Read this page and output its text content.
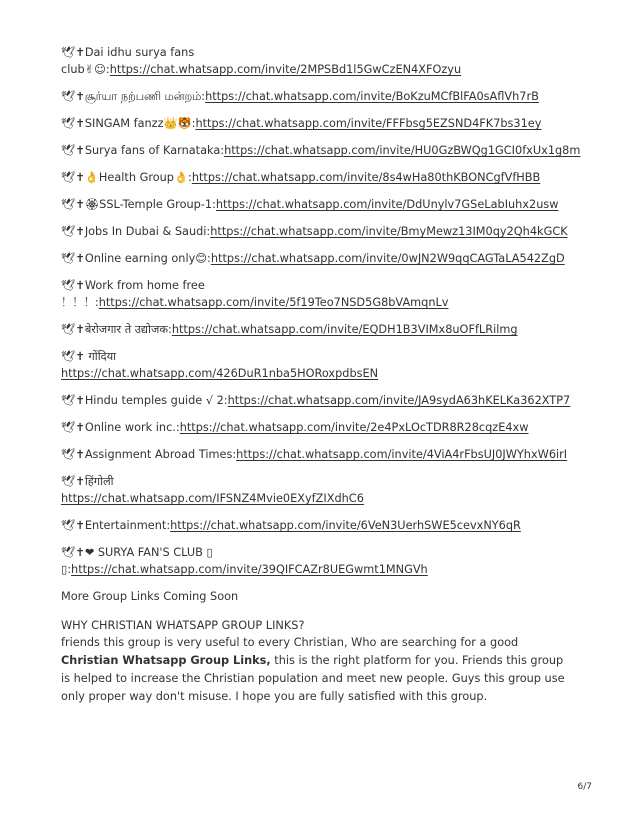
🕊✝Dai idhu surya fans
club✌☺:https://chat.whatsapp.com/invite/2MPSBd1l5GwCzEN4XFOzyu
🕊✝சூர்யா நற்பணி மன்றம்:https://chat.whatsapp.com/invite/BoKzuMCfBlFA0sAflVh7rB
🕊✝SINGAM fanzz👑🐯:https://chat.whatsapp.com/invite/FFFbsg5EZSND4FK7bs31ey
🕊✝Surya fans of Karnataka:https://chat.whatsapp.com/invite/HU0GzBWQg1GCI0fxUx1g8m
🕊✝👌Health Group👌:https://chat.whatsapp.com/invite/8s4wHa80thKBONCgfVfHBB
🕊✝🏵SSL-Temple Group-1:https://chat.whatsapp.com/invite/DdUnylv7GSeLabIuhx2usw
🕊✝Jobs In Dubai & Saudi:https://chat.whatsapp.com/invite/BmyMewz13IM0qy2Qh4kGCK
🕊✝Online earning only😊:https://chat.whatsapp.com/invite/0wJN2W9qqCAGTaLA542ZgD
🕊✝Work from home free
！！！:https://chat.whatsapp.com/invite/5f19Teo7NSD5G8bVAmqnLv
🕊✝बेरोजगार ते उद्योजक:https://chat.whatsapp.com/invite/EQDH1B3VIMx8uOFfLRilmg
🕊✝ गोंदिया
https://chat.whatsapp.com/426DuR1nba5HORoxpdbsEN
🕊✝Hindu temples guide √ 2:https://chat.whatsapp.com/invite/JA9sydA63hKELKa362XTP7
🕊✝Online work inc.:https://chat.whatsapp.com/invite/2e4PxLOcTDR8R28cqzE4xw
🕊✝Assignment Abroad Times:https://chat.whatsapp.com/invite/4ViA4rFbsUJ0JWYhxW6irI
🕊✝हिंगोली
https://chat.whatsapp.com/IFSNZ4Mvie0EXyfZIXdhC6
🕊✝Entertainment:https://chat.whatsapp.com/invite/6VeN3UerhSWE5cevxNY6qR
🕊✝❤ SURYA FAN'S CLUB ▯
▯:https://chat.whatsapp.com/invite/39QIFCAZr8UEGwmt1MNGVh
More Group Links Coming Soon
WHY CHRISTIAN WHATSAPP GROUP LINKS?
friends this group is very useful to every Christian, Who are searching for a good Christian Whatsapp Group Links, this is the right platform for you. Friends this group is helped to increase the Christian population and meet new people. Guys this group use only proper way don't misuse. I hope you are fully satisfied with this group.
6/7
